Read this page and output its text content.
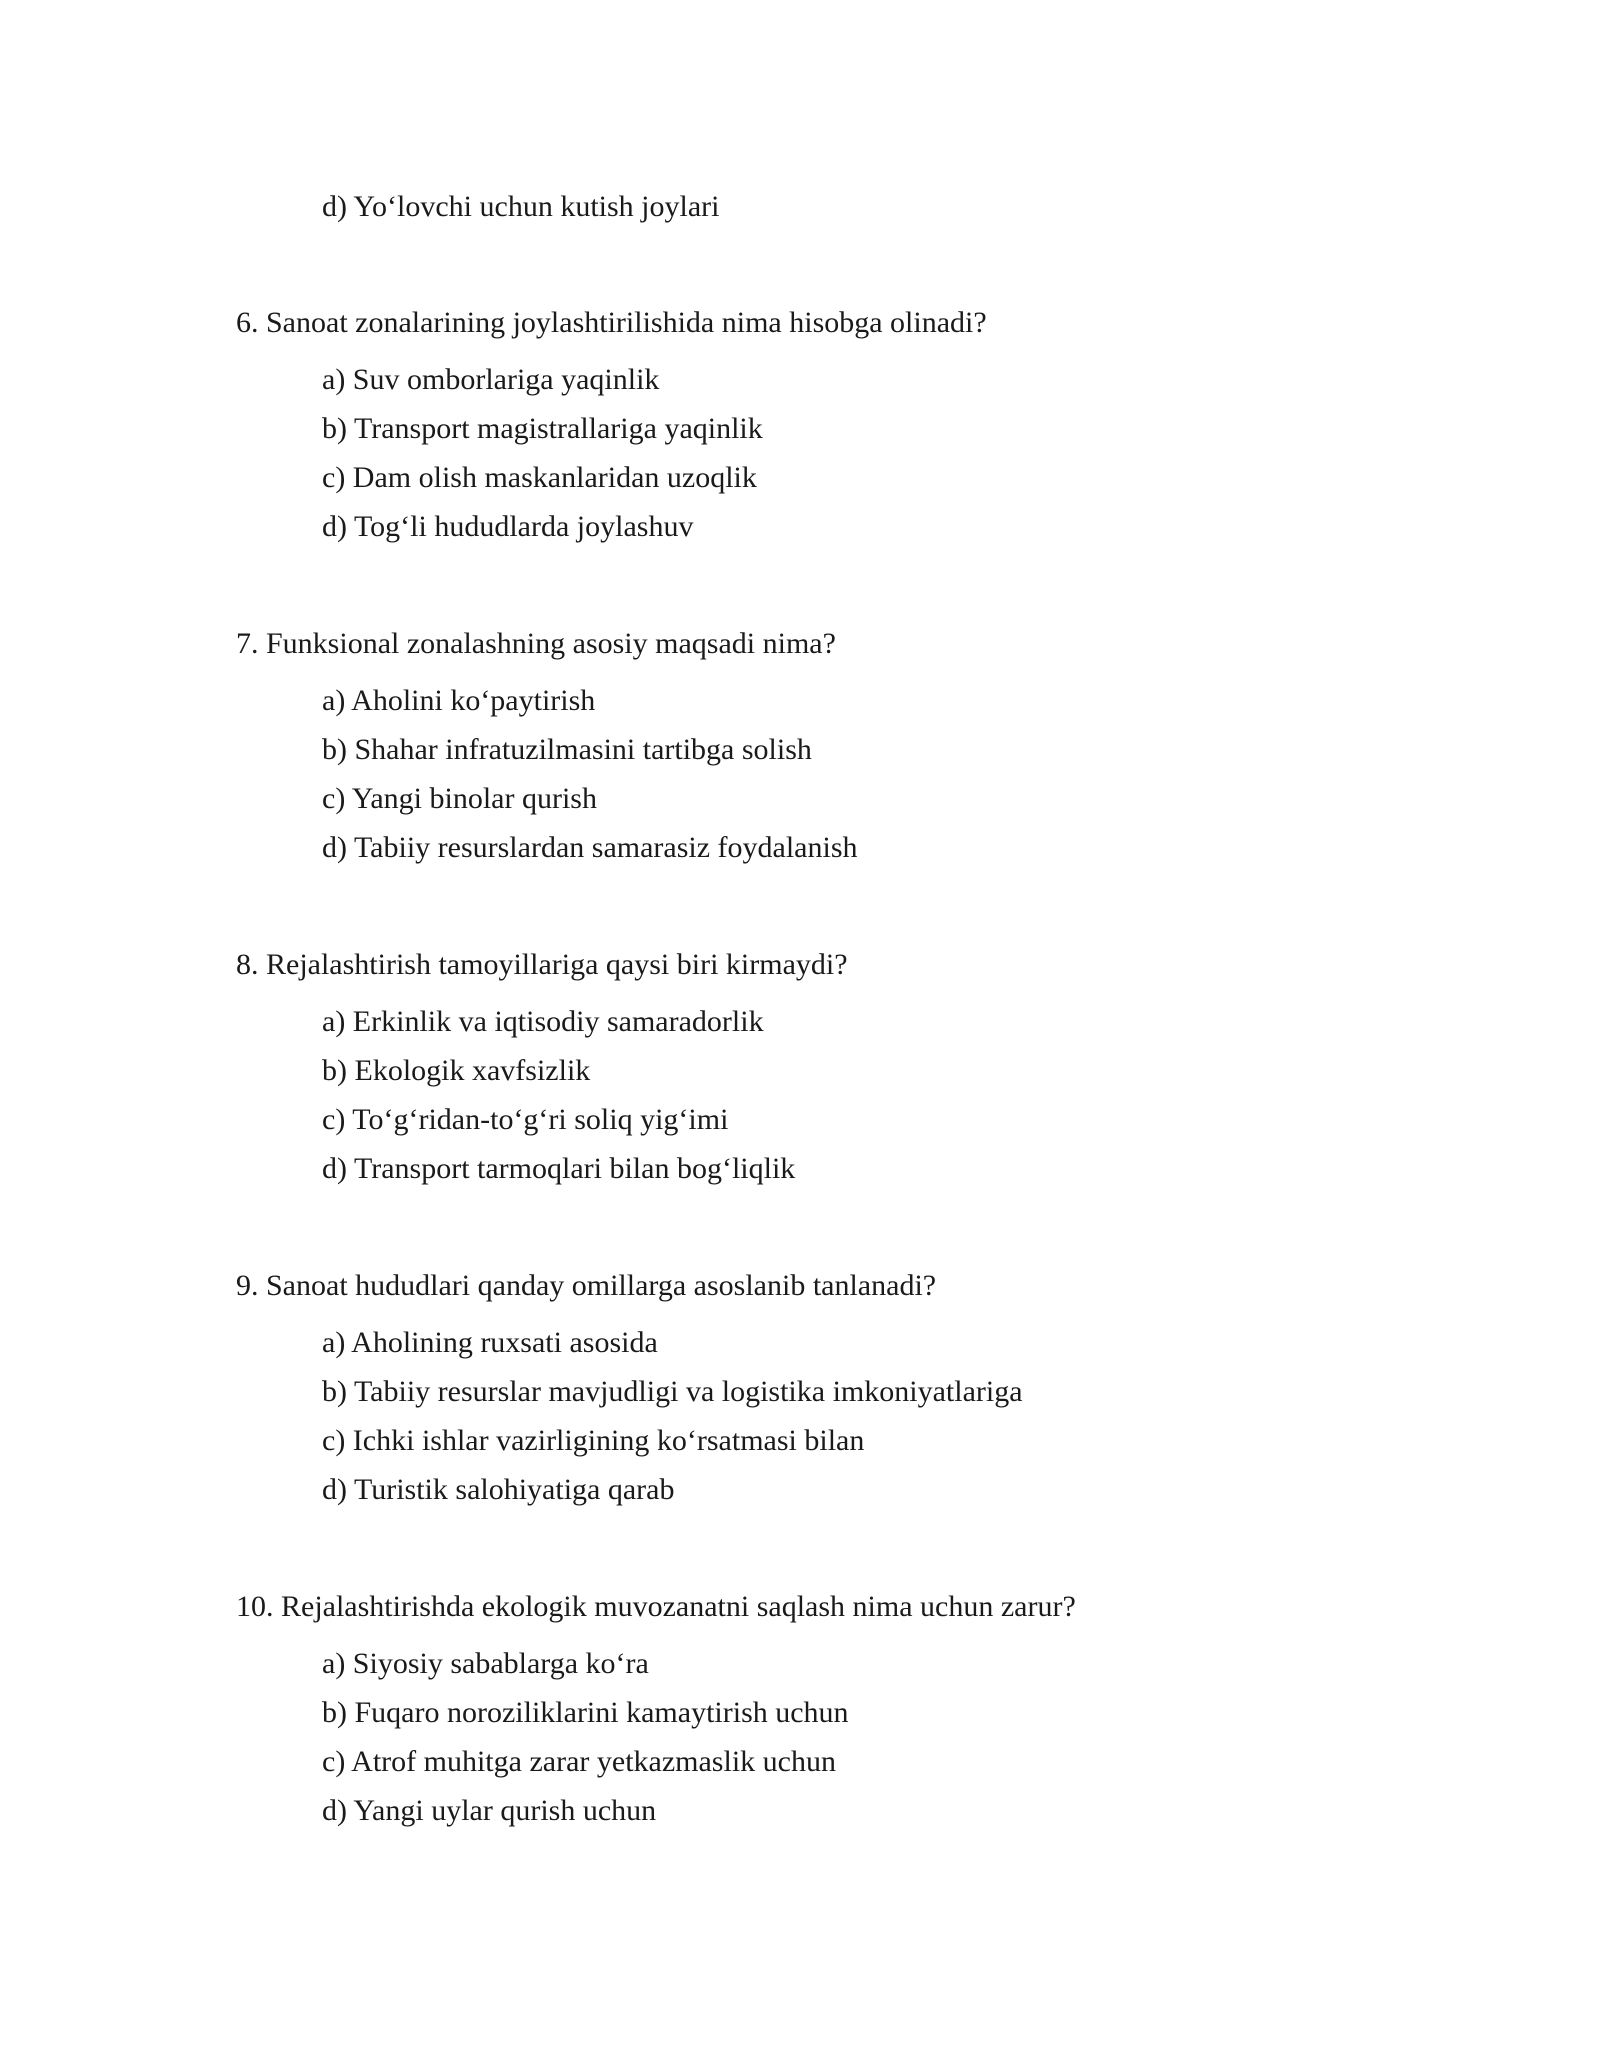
d) Yo‘lovchi uchun kutish joylari
6. Sanoat zonalarining joylashtirilishida nima hisobga olinadi?
a) Suv omborlariga yaqinlik
b) Transport magistrallariga yaqinlik
c) Dam olish maskanlaridan uzoqlik
d) Tog‘li hududlarda joylashuv
7. Funksional zonalashning asosiy maqsadi nima?
a) Aholini ko‘paytirish
b) Shahar infratuzilmasini tartibga solish
c) Yangi binolar qurish
d) Tabiiy resurslardan samarasiz foydalanish
8. Rejalashtirish tamoyillariga qaysi biri kirmaydi?
a) Erkinlik va iqtisodiy samaradorlik
b) Ekologik xavfsizlik
c) To‘g‘ridan-to‘g‘ri soliq yig‘imi
d) Transport tarmoqlari bilan bog‘liqlik
9. Sanoat hududlari qanday omillarga asoslanib tanlanadi?
a) Aholining ruxsati asosida
b) Tabiiy resurslar mavjudligi va logistika imkoniyatlariga
c) Ichki ishlar vazirligining ko‘rsatmasi bilan
d) Turistik salohiyatiga qarab
10. Rejalashtirishda ekologik muvozanatni saqlash nima uchun zarur?
a) Siyosiy sabablarga ko‘ra
b) Fuqaro noroziliklarini kamaytirish uchun
c) Atrof muhitga zarar yetkazmaslik uchun
d) Yangi uylar qurish uchun
